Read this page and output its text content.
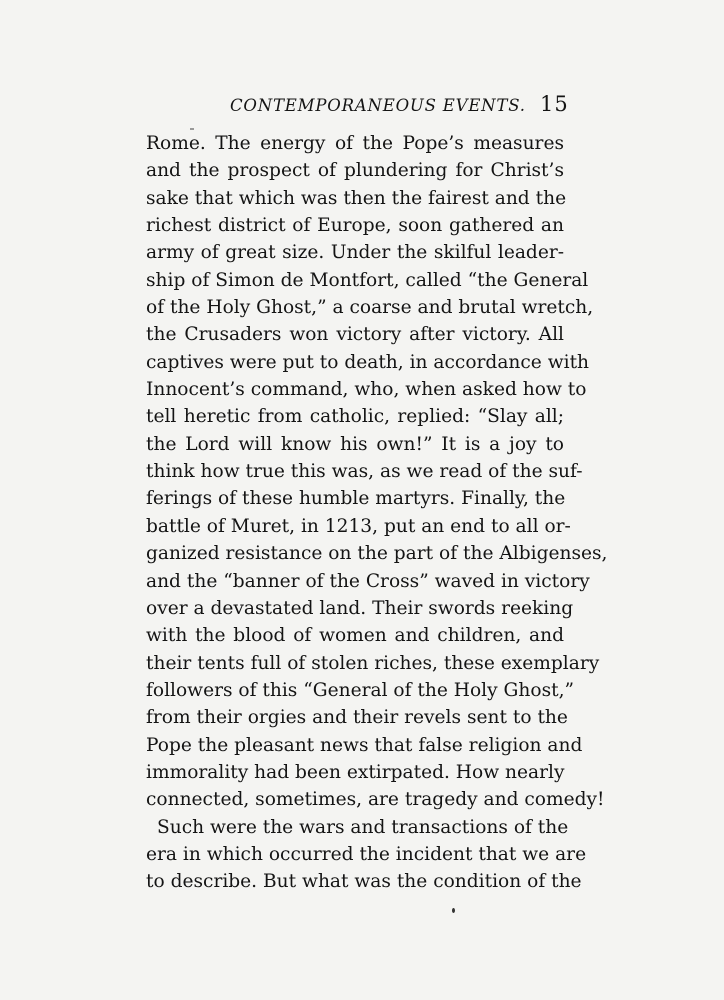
CONTEMPORANEOUS EVENTS. 15
Rome. The energy of the Pope’s measures
and the prospect of plundering for Christ’s
sake that which was then the fairest and the
richest district of Europe, soon gathered an
army of great size. Under the skilful leader-
ship of Simon de Montfort, called “the General
of the Holy Ghost,” a coarse and brutal wretch,
the Crusaders won victory after victory. All
captives were put to death, in accordance with
Innocent’s command, who, when asked how to
tell heretic from catholic, replied: “Slay all;
the Lord will know his own!” It is a joy to
think how true this was, as we read of the suf-
ferings of these humble martyrs. Finally, the
battle of Muret, in 1213, put an end to all or-
ganized resistance on the part of the Albigenses,
and the “banner of the Cross” waved in victory
over a devastated land. Their swords reeking
with the blood of women and children, and
their tents full of stolen riches, these exemplary
followers of this “General of the Holy Ghost,”
from their orgies and their revels sent to the
Pope the pleasant news that false religion and
immorality had been extirpated. How nearly
connected, sometimes, are tragedy and comedy!
Such were the wars and transactions of the
era in which occurred the incident that we are
to describe. But what was the condition of the
